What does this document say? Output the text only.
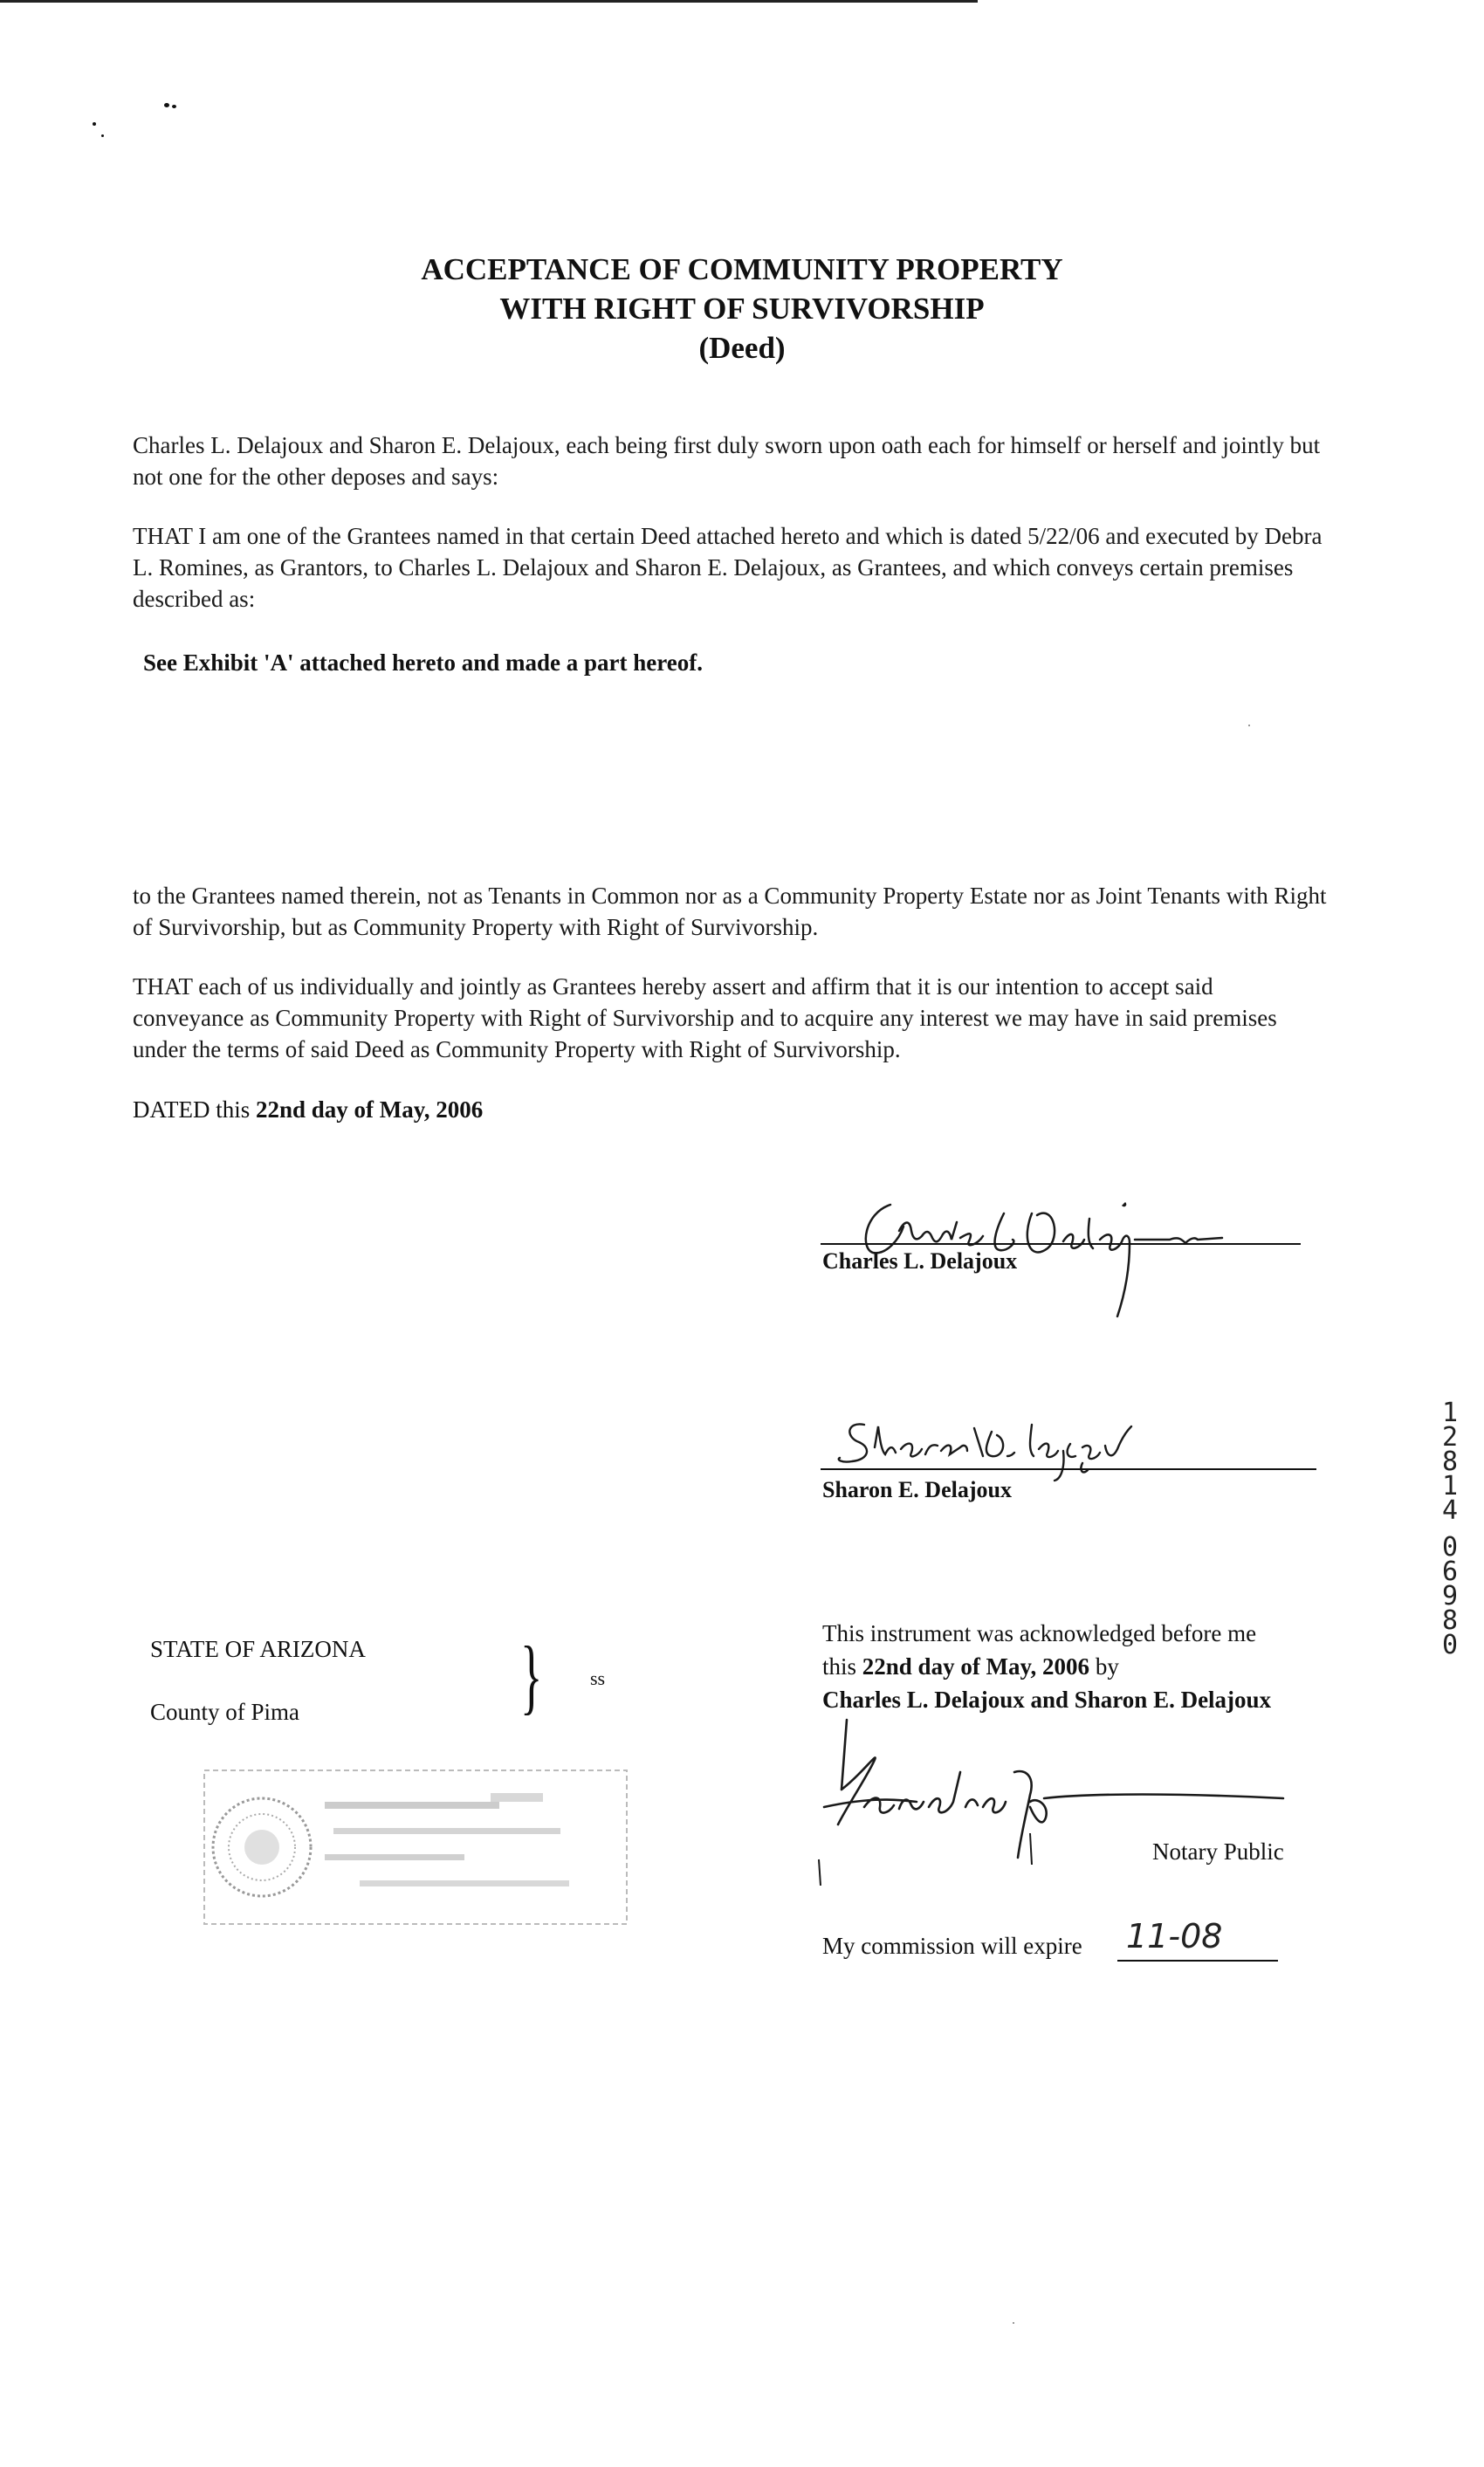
ACCEPTANCE OF COMMUNITY PROPERTY
WITH RIGHT OF SURVIVORSHIP
(Deed)
Charles L. Delajoux and Sharon E. Delajoux, each being first duly sworn upon oath each for himself or herself and jointly but not one for the other deposes and says:
THAT I am one of the Grantees named in that certain Deed attached hereto and which is dated 5/22/06 and executed by Debra L. Romines, as Grantors, to Charles L. Delajoux and Sharon E. Delajoux, as Grantees, and which conveys certain premises described as:
See Exhibit 'A' attached hereto and made a part hereof.
to the Grantees named therein, not as Tenants in Common nor as a Community Property Estate nor as Joint Tenants with Right of Survivorship, but as Community Property with Right of Survivorship.
THAT each of us individually and jointly as Grantees hereby assert and affirm that it is our intention to accept said conveyance as Community Property with Right of Survivorship and to acquire any interest we may have in said premises under the terms of said Deed as Community Property with Right of Survivorship.
DATED this 22nd day of May, 2006
Charles L. Delajoux
Sharon E. Delajoux
1
2
8
1
4
0
6
9
8
0
STATE OF ARIZONA
County of Pima	} ss
This instrument was acknowledged before me
this 22nd day of May, 2006 by
Charles L. Delajoux and Sharon E. Delajoux
Notary Public
My commission will expire 11-08
